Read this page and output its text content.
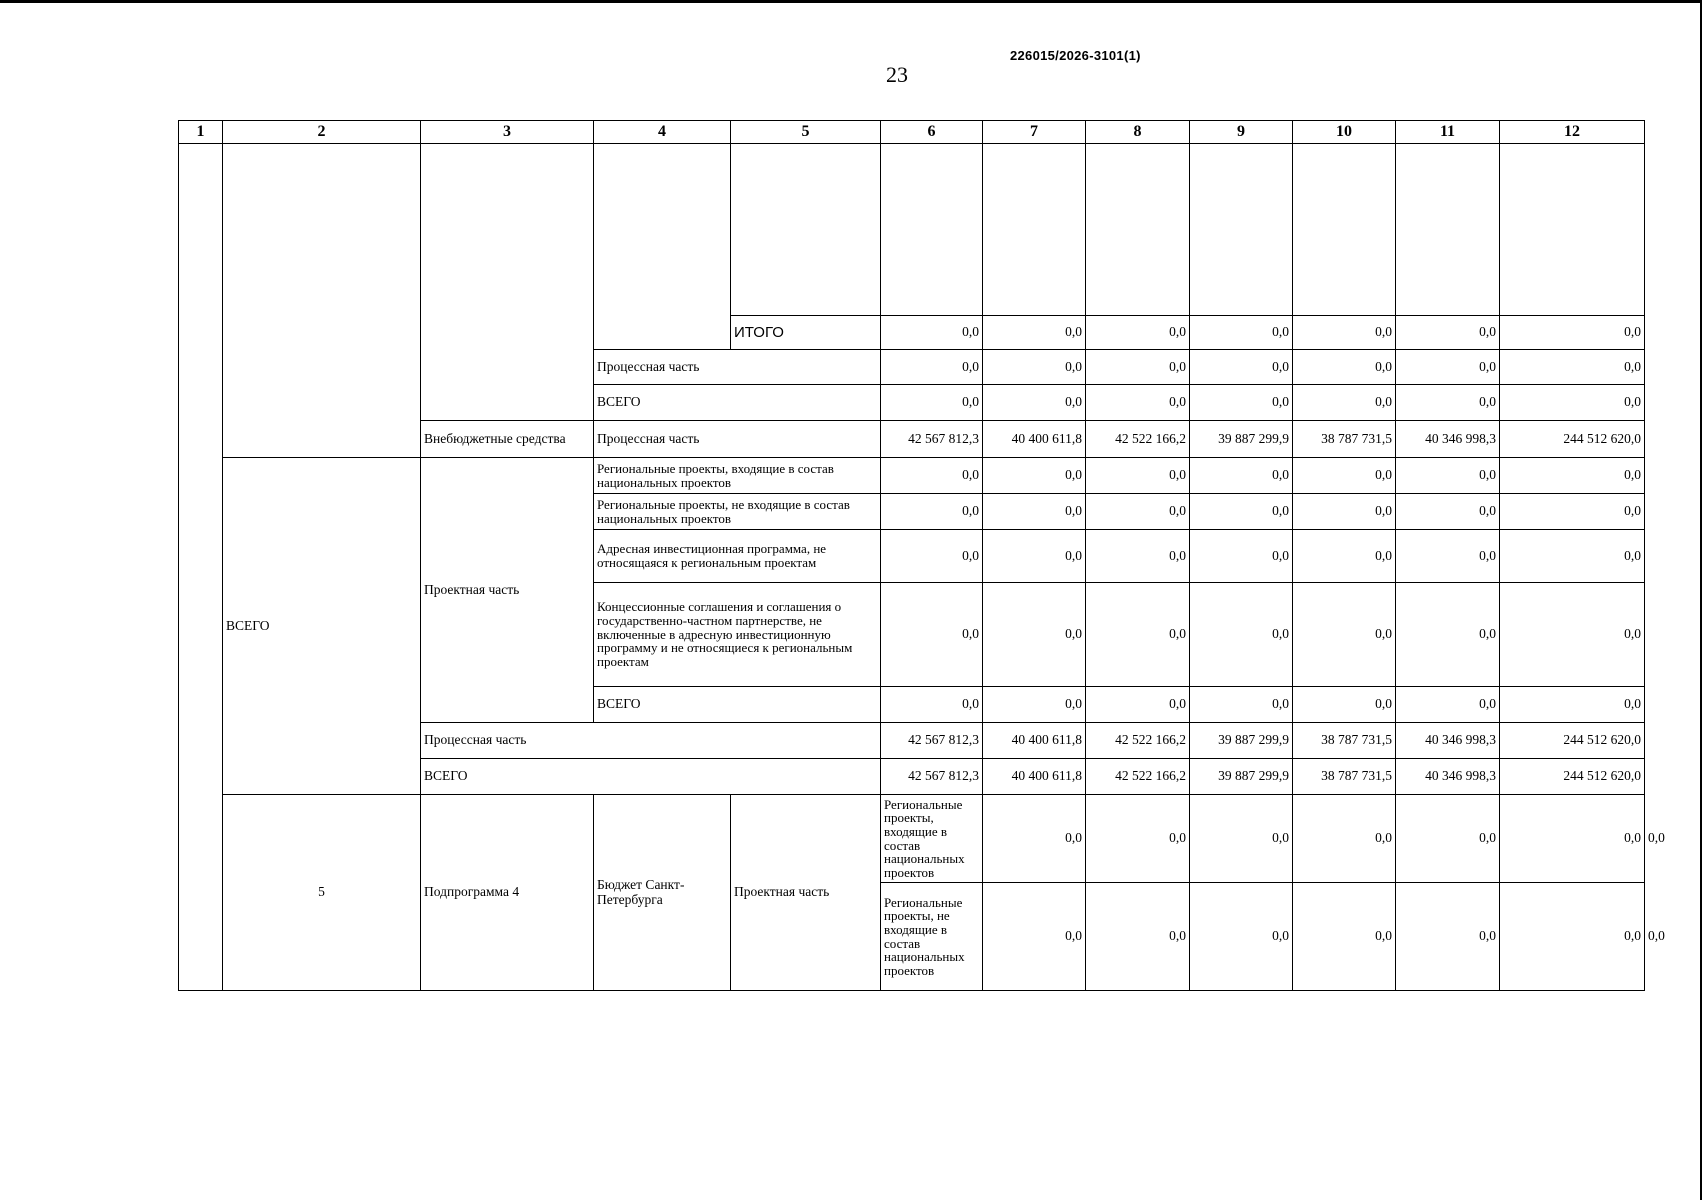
226015/2026-3101(1)
23
1	2	3	4	5	6	7	8	9	10	11	12	

				ИТОГО	0,0	0,0	0,0	0,0	0,0	0,0	0,0	
			Процессная часть		0,0	0,0	0,0	0,0	0,0	0,0	0,0	
			ВСЕГО		0,0	0,0	0,0	0,0	0,0	0,0	0,0	
		Внебюджетные средства	Процессная часть		42 567 812,3	40 400 611,8	42 522 166,2	39 887 299,9	38 787 731,5	40 346 998,3	244 512 620,0	
	ВСЕГО	Проектная часть	Региональные проекты, входящие в состав национальных проектов		0,0	0,0	0,0	0,0	0,0	0,0	0,0	
			Региональные проекты, не входящие в состав национальных проектов		0,0	0,0	0,0	0,0	0,0	0,0	0,0	
			Адресная инвестиционная программа, не относящаяся к региональным проектам		0,0	0,0	0,0	0,0	0,0	0,0	0,0	
			Концессионные соглашения и соглашения о государственно-частном партнерстве, не включенные в адресную инвестиционную программу и не относящиеся к региональным проектам		0,0	0,0	0,0	0,0	0,0	0,0	0,0	
			ВСЕГО		0,0	0,0	0,0	0,0	0,0	0,0	0,0	
		Процессная часть			42 567 812,3	40 400 611,8	42 522 166,2	39 887 299,9	38 787 731,5	40 346 998,3	244 512 620,0	
		ВСЕГО			42 567 812,3	40 400 611,8	42 522 166,2	39 887 299,9	38 787 731,5	40 346 998,3	244 512 620,0	
	5	Подпрограмма 4	Бюджет Санкт-Петербурга	Проектная часть	Региональные проекты, входящие в состав национальных проектов	0,0	0,0	0,0	0,0	0,0	0,0	0,0
					Региональные проекты, не входящие в состав национальных проектов	0,0	0,0	0,0	0,0	0,0	0,0	0,0
